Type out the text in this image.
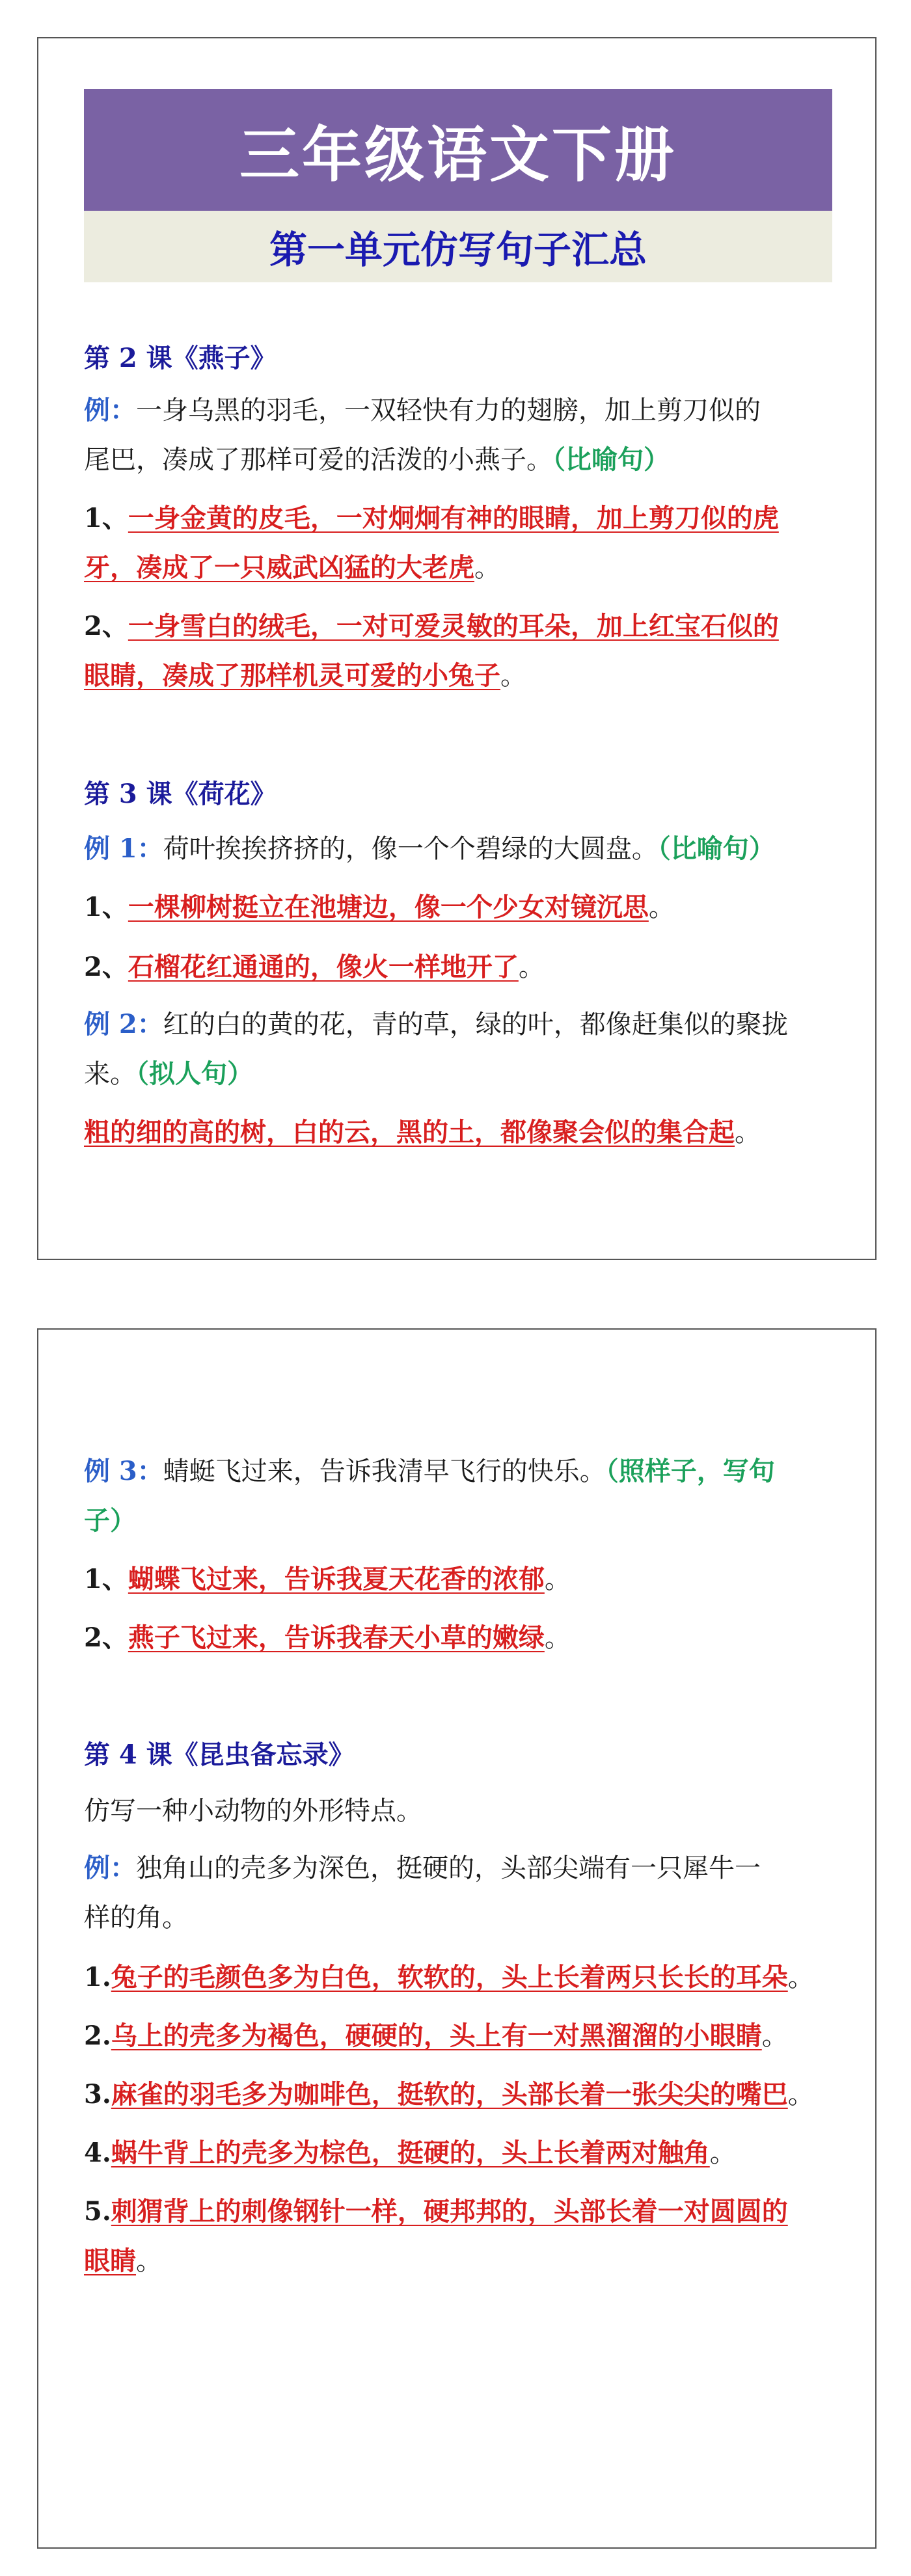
三年级语文下册
第一单元仿写句子汇总
第 2 课《燕子》
例：一身乌黑的羽毛，一双轻快有力的翅膀，加上剪刀似的
尾巴，凑成了那样可爱的活泼的小燕子。（比喻句）
1、一身金黄的皮毛，一对炯炯有神的眼睛，加上剪刀似的虎
牙，凑成了一只威武凶猛的大老虎。
2、一身雪白的绒毛，一对可爱灵敏的耳朵，加上红宝石似的
眼睛，凑成了那样机灵可爱的小兔子。
第 3 课《荷花》
例 1：荷叶挨挨挤挤的，像一个个碧绿的大圆盘。（比喻句）
1、一棵柳树挺立在池塘边，像一个少女对镜沉思。
2、石榴花红通通的，像火一样地开了。
例 2：红的白的黄的花，青的草，绿的叶，都像赶集似的聚拢
来。（拟人句）
粗的细的高的树，白的云，黑的土，都像聚会似的集合起。
例 3：蜻蜓飞过来，告诉我清早飞行的快乐。（照样子，写句
子）
1、蝴蝶飞过来，告诉我夏天花香的浓郁。
2、燕子飞过来，告诉我春天小草的嫩绿。
第 4 课《昆虫备忘录》
仿写一种小动物的外形特点。
例：独角山的壳多为深色，挺硬的，头部尖端有一只犀牛一
样的角。
1.兔子的毛颜色多为白色，软软的，头上长着两只长长的耳朵。
2.乌上的壳多为褐色，硬硬的，头上有一对黑溜溜的小眼睛。
3.麻雀的羽毛多为咖啡色，挺软的，头部长着一张尖尖的嘴巴。
4.蜗牛背上的壳多为棕色，挺硬的，头上长着两对触角。
5.刺猬背上的刺像钢针一样，硬邦邦的，头部长着一对圆圆的
眼睛。
